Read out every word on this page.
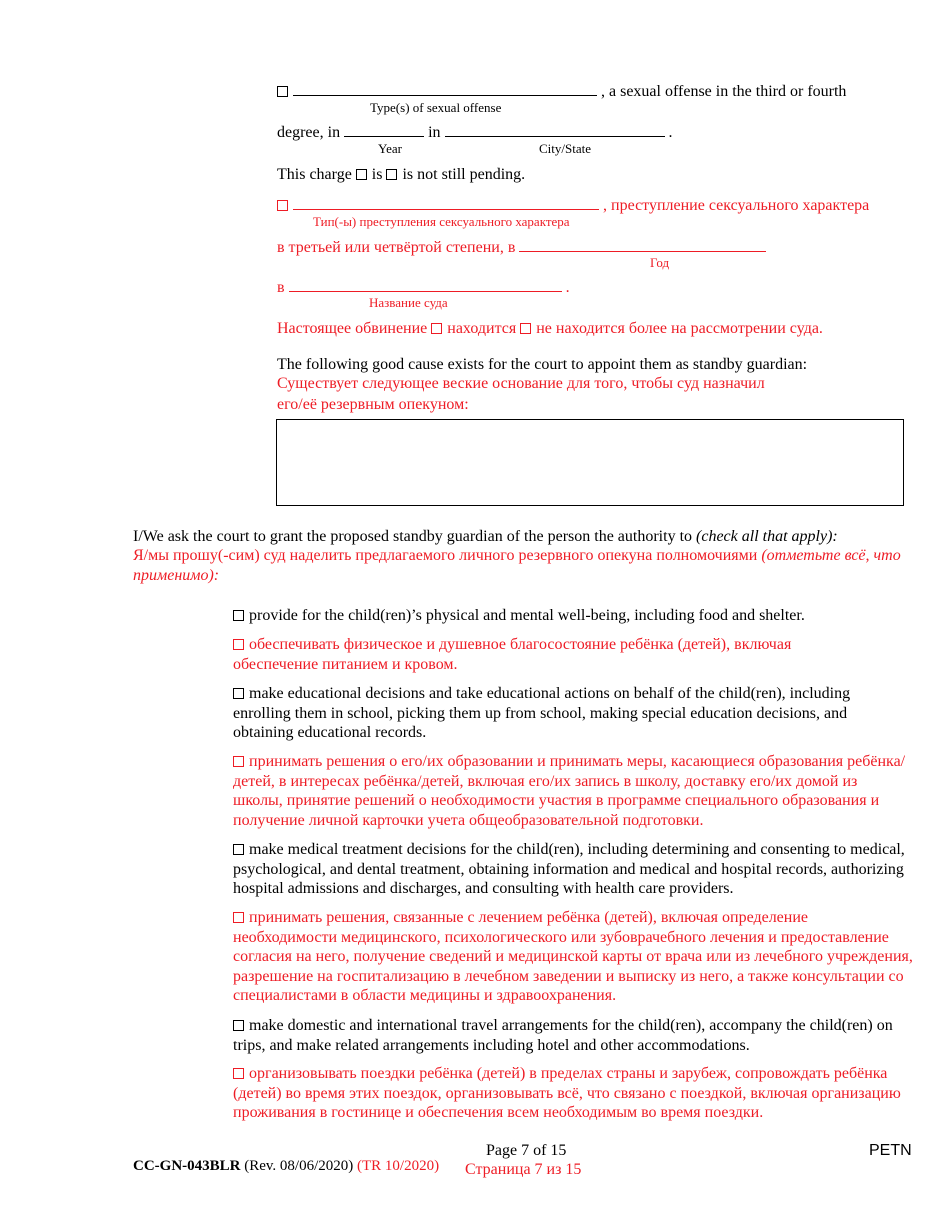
, a sexual offense in the third or fourth
Type(s) of sexual offense
degree, in	in	.
Year	City/State
This charge is is not still pending.
, преступление сексуального характера
Тип(-ы) преступления сексуального характера
в третьей или четвёртой степени, в
Год
в	.
Название суда
Настоящее обвинение находится не находится более на рассмотрении суда.
The following good cause exists for the court to appoint them as standby guardian:
Существует следующее веские основание для того, чтобы суд назначил
его/её резервным опекуном:
I/We ask the court to grant the proposed standby guardian of the person the authority to (check all that apply):
Я/мы прошу(-сим) суд наделить предлагаемого личного резервного опекуна полномочиями (отметьте всё, что применимо):
provide for the child(ren)’s physical and mental well-being, including food and shelter.
обеспечивать физическое и душевное благосостояние ребёнка (детей), включая обеспечение питанием и кровом.
make educational decisions and take educational actions on behalf of the child(ren), including enrolling them in school, picking them up from school, making special education decisions, and obtaining educational records.
принимать решения о его/их образовании и принимать меры, касающиеся образования ребёнка/детей, в интересах ребёнка/детей, включая его/их запись в школу, доставку его/их домой из школы, принятие решений о необходимости участия в программе специального образования и получение личной карточки учета общеобразовательной подготовки.
make medical treatment decisions for the child(ren), including determining and consenting to medical, psychological, and dental treatment, obtaining information and medical and hospital records, authorizing hospital admissions and discharges, and consulting with health care providers.
принимать решения, связанные с лечением ребёнка (детей), включая определение необходимости медицинского, психологического или зубоврачебного лечения и предоставление согласия на него, получение сведений и медицинской карты от врача или из лечебного учреждения, разрешение на госпитализацию в лечебном заведении и выписку из него, а также консультации со специалистами в области медицины и здравоохранения.
make domestic and international travel arrangements for the child(ren), accompany the child(ren) on trips, and make related arrangements including hotel and other accommodations.
организовывать поездки ребёнка (детей) в пределах страны и зарубеж, сопровождать ребёнка (детей) во время этих поездок, организовывать всё, что связано с поездкой, включая организацию проживания в гостинице и обеспечения всем необходимым во время поездки.
Page 7 of 15
Страница 7 из 15
PETN
CC-GN-043BLR (Rev. 08/06/2020) (TR 10/2020)
